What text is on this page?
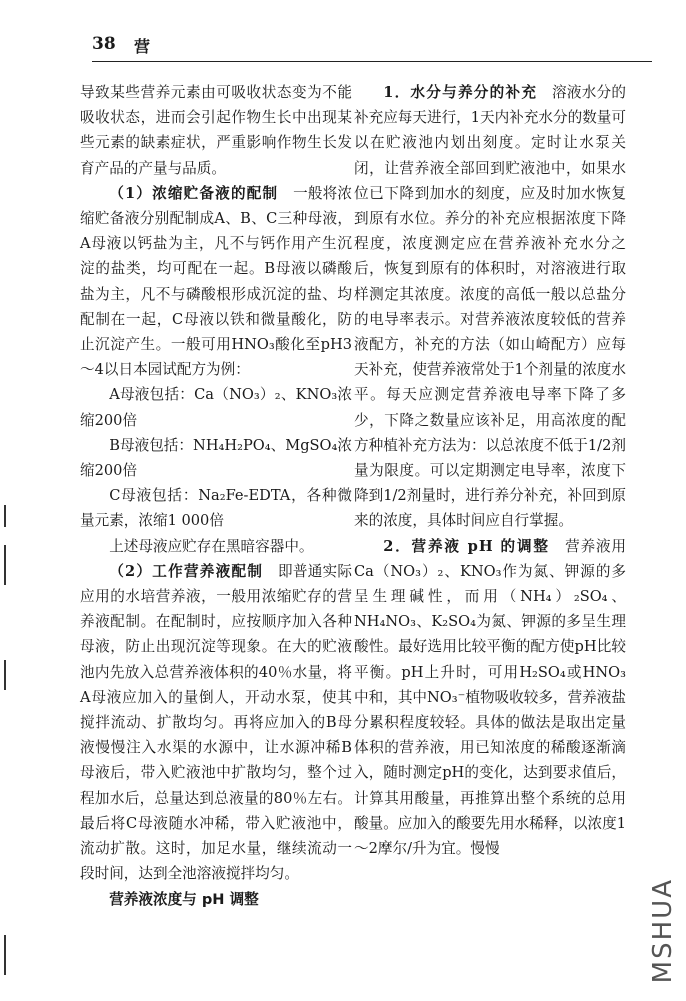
38 营

导致某些营养元素由可吸收状态变为不能吸收状态，进而会引起作物生长中出现某些元素的缺素症状，严重影响作物生长发育产品的产量与品质。

（1）浓缩贮备液的配制　一般将浓缩贮备液分别配制成A、B、C三种母液，A母液以钙盐为主，凡不与钙作用产生沉淀的盐类，均可配在一起。B母液以磷酸盐为主，凡不与磷酸根形成沉淀的盐、均配制在一起，C母液以铁和微量酸化，防止沉淀产生。一般可用HNO₃酸化至pH3～4以日本园试配方为例：

A母液包括：Ca（NO₃）₂、KNO₃浓缩200倍

B母液包括：NH₄H₂PO₄、MgSO₄浓缩200倍

C母液包括：Na₂Fe-EDTA，各种微量元素，浓缩1 000倍

上述母液应贮存在黑暗容器中。

（2）工作营养液配制　即普通实际应用的水培营养液，一般用浓缩贮存的营养液配制。在配制时，应按顺序加入各种母液，防止出现沉淀等现象。在大的贮液池内先放入总营养液体积的40％水量，将A母液应加入的量倒人，开动水泵，使其搅拌流动、扩散均匀。再将应加入的B母液慢慢注入水渠的水源中，让水源冲稀B母液后，带入贮液池中扩散均匀，整个过程加水后，总量达到总液量的80％左右。最后将C母液随水冲稀，带入贮液池中，流动扩散。这时，加足水量，继续流动一段时间，达到全池溶液搅拌均匀。

营养液浓度与 pH 调整

1．水分与养分的补充　溶液水分的补充应每天进行，1天内补充水分的数量可以在贮液池内划出刻度。定时让水泵关闭，让营养液全部回到贮液池中，如果水位已下降到加水的刻度，应及时加水恢复到原有水位。养分的补充应根据浓度下降程度，浓度测定应在营养液补充水分之后，恢复到原有的体积时，对溶液进行取样测定其浓度。浓度的高低一般以总盐分的电导率表示。对营养液浓度较低的营养液配方，补充的方法（如山崎配方）应每天补充，使营养液常处于1个剂量的浓度水平。每天应测定营养液电导率下降了多少，下降之数量应该补足，用高浓度的配方种植补充方法为：以总浓度不低于1/2剂量为限度。可以定期测定电导率，浓度下降到1/2剂量时，进行养分补充，补回到原来的浓度，具体时间应自行掌握。

2．营养液 pH 的调整　营养液用Ca（NO₃）₂、KNO₃作为氮、钾源的多呈生理碱性，而用（NH₄）₂SO₄、NH₄NO₃、K₂SO₄为氮、钾源的多呈生理酸性。最好选用比较平衡的配方使pH比较平衡。pH上升时，可用H₂SO₄或HNO₃中和，其中NO₃⁻植物吸收较多，营养液盐分累积程度较轻。具体的做法是取出定量体积的营养液，用已知浓度的稀酸逐渐滴入，随时测定pH的变化，达到要求值后，计算其用酸量，再推算出整个系统的总用酸量。应加入的酸要先用水稀释，以浓度1～2摩尔/升为宜。慢慢

MSHUA
